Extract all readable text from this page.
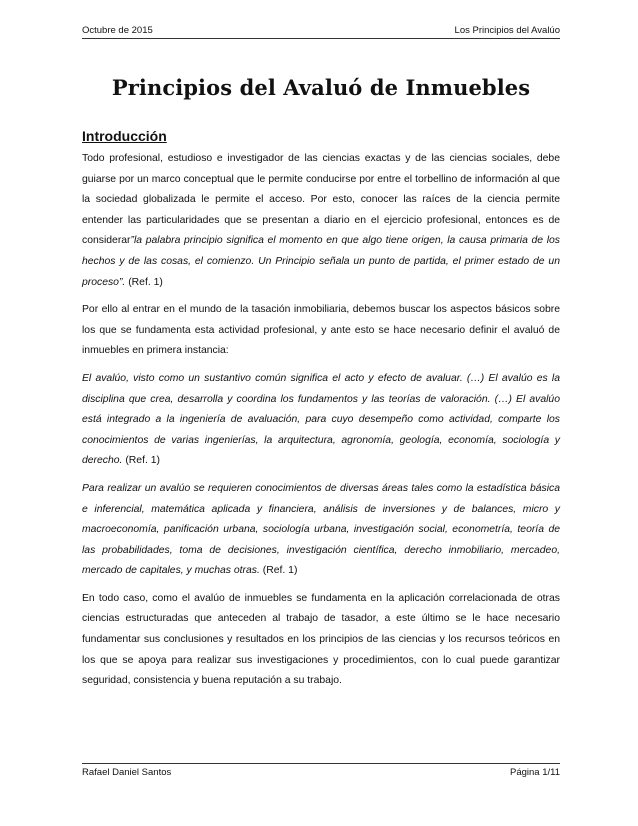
Octubre de 2015	Los Principios del Avalúo
Principios del Avaluó de Inmuebles
Introducción

Todo profesional, estudioso e investigador de las ciencias exactas y de las ciencias sociales, debe guiarse por un marco conceptual que le permite conducirse por entre el torbellino de información al que la sociedad globalizada le permite el acceso. Por esto, conocer las raíces de la ciencia permite entender las particularidades que se presentan a diario en el ejercicio profesional, entonces es de considerar”la palabra principio significa el momento en que algo tiene origen, la causa primaria de los hechos y de las cosas, el comienzo. Un Principio señala un punto de partida, el primer estado de un proceso”. (Ref. 1)

Por ello al entrar en el mundo de la tasación inmobiliaria, debemos buscar los aspectos básicos sobre los que se fundamenta esta actividad profesional, y ante esto se hace necesario definir el avaluó de inmuebles en primera instancia:

El avalúo, visto como un sustantivo común significa el acto y efecto de avaluar. (…) El avalúo es la disciplina que crea, desarrolla y coordina los fundamentos y las teorías de valoración. (…) El avalúo está integrado a la ingeniería de avaluación, para cuyo desempeño como actividad, comparte los conocimientos de varias ingenierías, la arquitectura, agronomía, geología, economía, sociología y derecho. (Ref. 1)

Para realizar un avalúo se requieren conocimientos de diversas áreas tales como la estadística básica e inferencial, matemática aplicada y financiera, análisis de inversiones y de balances, micro y macroeconomía, panificación urbana, sociología urbana, investigación social, econometría, teoría de las probabilidades, toma de decisiones, investigación científica, derecho inmobiliario, mercadeo, mercado de capitales, y muchas otras. (Ref. 1)

En todo caso, como el avalúo de inmuebles se fundamenta en la aplicación correlacionada de otras ciencias estructuradas que anteceden al trabajo de tasador, a este último se le hace necesario fundamentar sus conclusiones y resultados en los principios de las ciencias y los recursos teóricos en los que se apoya para realizar sus investigaciones y procedimientos, con lo cual puede garantizar seguridad, consistencia y buena reputación a su trabajo.

Rafael Daniel Santos	Página 1/11
